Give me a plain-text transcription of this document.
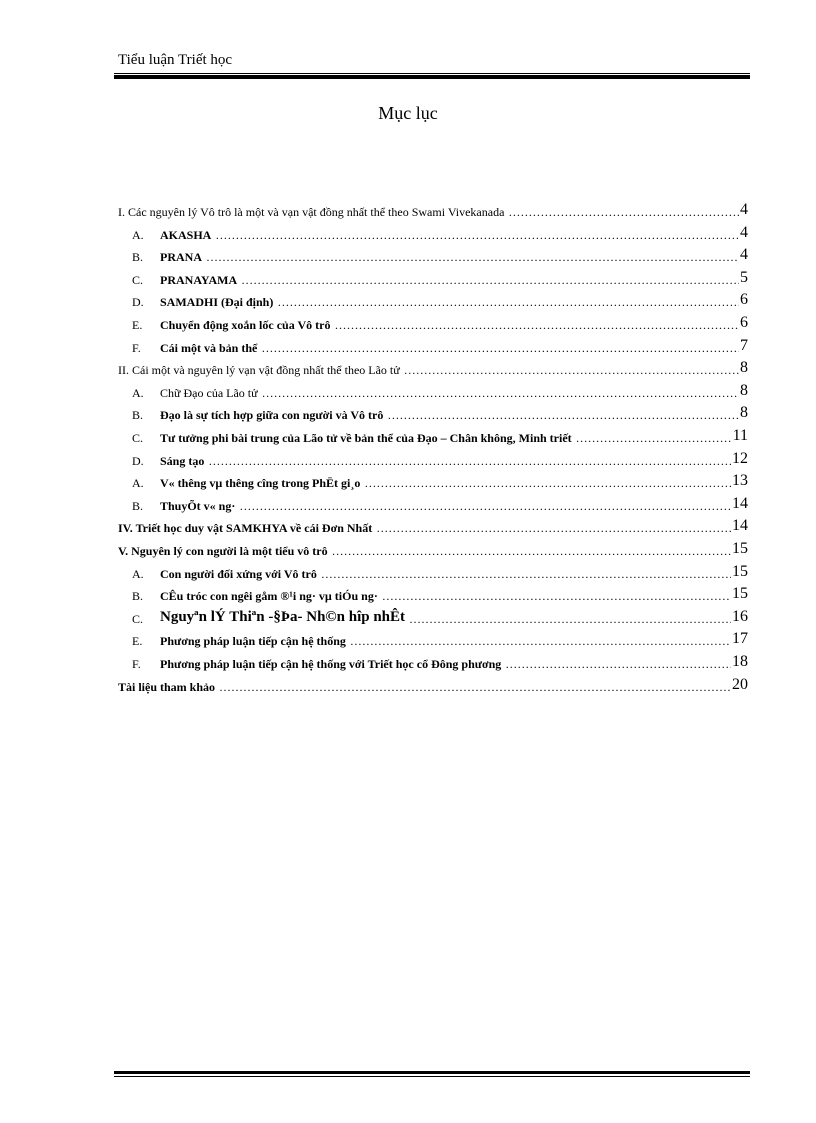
Tiểu luận Triết học
Mục lục
I. Các nguyên lý Vô trô là một và vạn vật đồng nhất thể theo Swami Vivekanada ……………………………………………………………………………………………………………………………………………………………………………………………………………………………	4
A.	AKASHA ……………………………………………………………………………………………………………………………………………………………………………………………………………………………	4
B.	PRANA ……………………………………………………………………………………………………………………………………………………………………………………………………………………………	4
C.	PRANAYAMA ……………………………………………………………………………………………………………………………………………………………………………………………………………………………	5
D.	SAMADHI (Đại định) ……………………………………………………………………………………………………………………………………………………………………………………………………………………………	6
E.	Chuyển động xoắn lốc của Vô trô ……………………………………………………………………………………………………………………………………………………………………………………………………………………………	6
F.	Cái một và bản thể ……………………………………………………………………………………………………………………………………………………………………………………………………………………………	7
II. Cái một và nguyên lý vạn vật đồng nhất thể theo Lão tử ……………………………………………………………………………………………………………………………………………………………………………………………………………………………	8
A.	Chữ Đạo của Lão tử ……………………………………………………………………………………………………………………………………………………………………………………………………………………………	8
B.	Đạo là sự tích hợp giữa con người và Vô trô ……………………………………………………………………………………………………………………………………………………………………………………………………………………………	8
C.	Tư tưởng phi bài trung của Lão tử về bản thể của Đạo – Chân không, Minh triết ……………………………………………………………………………………………………………………………………………………………………………………………………………………………	11
D.	Sáng tạo ……………………………………………………………………………………………………………………………………………………………………………………………………………………………	12
A.	V« thêng vµ thêng cîng trong PhËt gi¸o ……………………………………………………………………………………………………………………………………………………………………………………………………………………………	13
B.	ThuyÕt v« ng· ……………………………………………………………………………………………………………………………………………………………………………………………………………………………	14
IV. Triết học duy vật SAMKHYA về cái Đơn Nhất ……………………………………………………………………………………………………………………………………………………………………………………………………………………………	14
V. Nguyên lý con người là một tiểu vô trô ……………………………………………………………………………………………………………………………………………………………………………………………………………………………	15
A.	Con người đối xứng với Vô trô ……………………………………………………………………………………………………………………………………………………………………………………………………………………………	15
B.	CÊu tróc con ngêi gåm ®¹i ng· vµ tiÓu ng· ……………………………………………………………………………………………………………………………………………………………………………………………………………………………	15
C.	Nguyªn lÝ Thiªn -§Þa- Nh©n hîp nhÊt ……………………………………………………………………………………………………………………………………………………………………………………………………………………………	16
E.	Phương pháp luận tiếp cận hệ thống ……………………………………………………………………………………………………………………………………………………………………………………………………………………………	17
F.	Phương pháp luận tiếp cận hệ thống với Triết học cổ Đông phương ……………………………………………………………………………………………………………………………………………………………………………………………………………………………	18
Tài liệu tham khảo ……………………………………………………………………………………………………………………………………………………………………………………………………………………………	20
